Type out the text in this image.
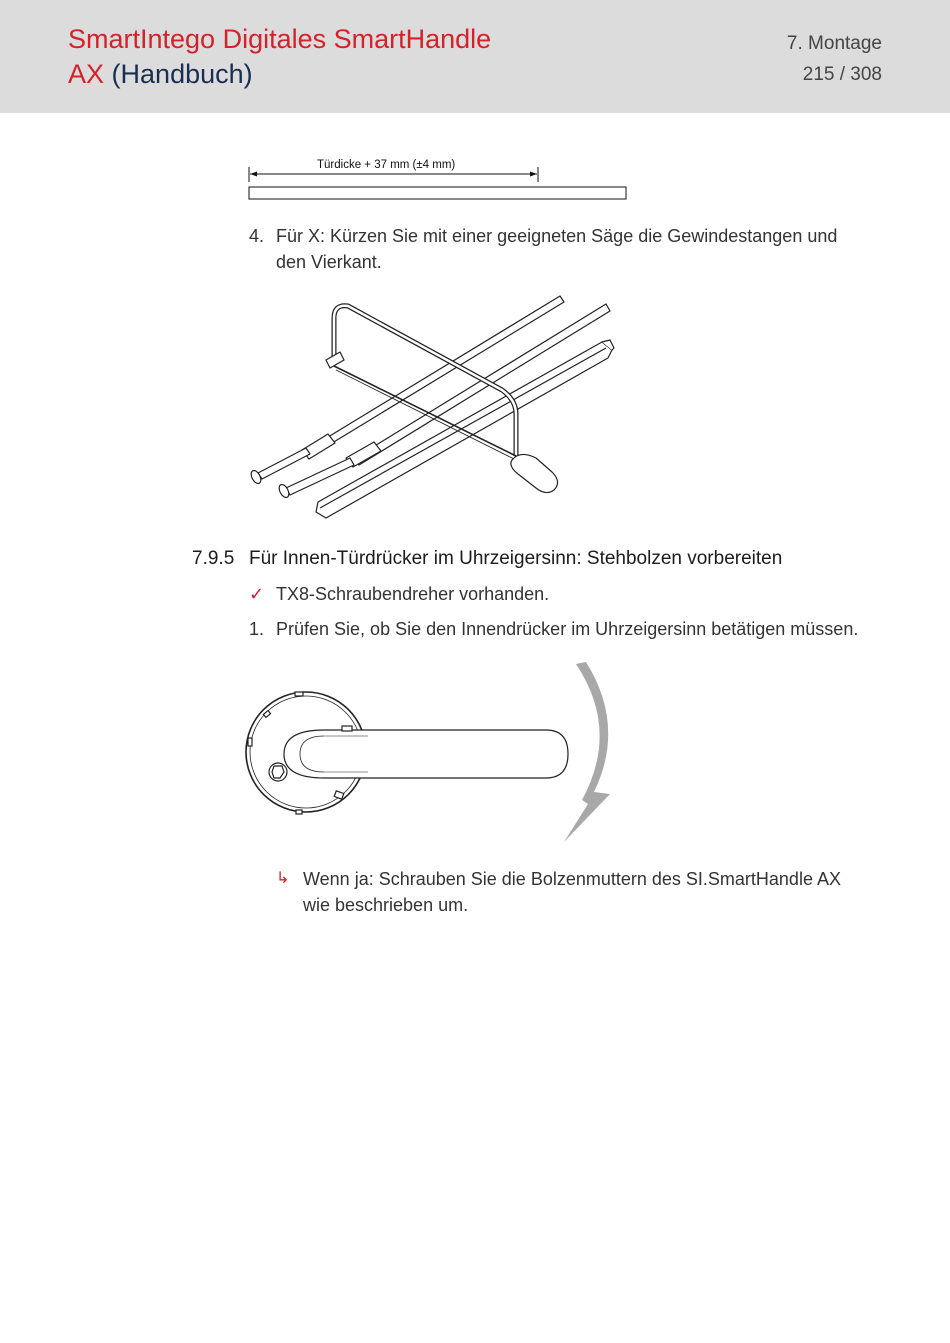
SmartIntego Digitales SmartHandle
AX (Handbuch)
7. Montage
215 / 308
Türdicke + 37 mm (±4 mm)
4. Für X: Kürzen Sie mit einer geeigneten Säge die Gewindestangen und
den Vierkant.
7.9.5 Für Innen-Türdrücker im Uhrzeigersinn: Stehbolzen vorbereiten
✓ TX8-Schraubendreher vorhanden.
1. Prüfen Sie, ob Sie den Innendrücker im Uhrzeigersinn betätigen müssen.
↳ Wenn ja: Schrauben Sie die Bolzenmuttern des SI.SmartHandle AX
wie beschrieben um.
